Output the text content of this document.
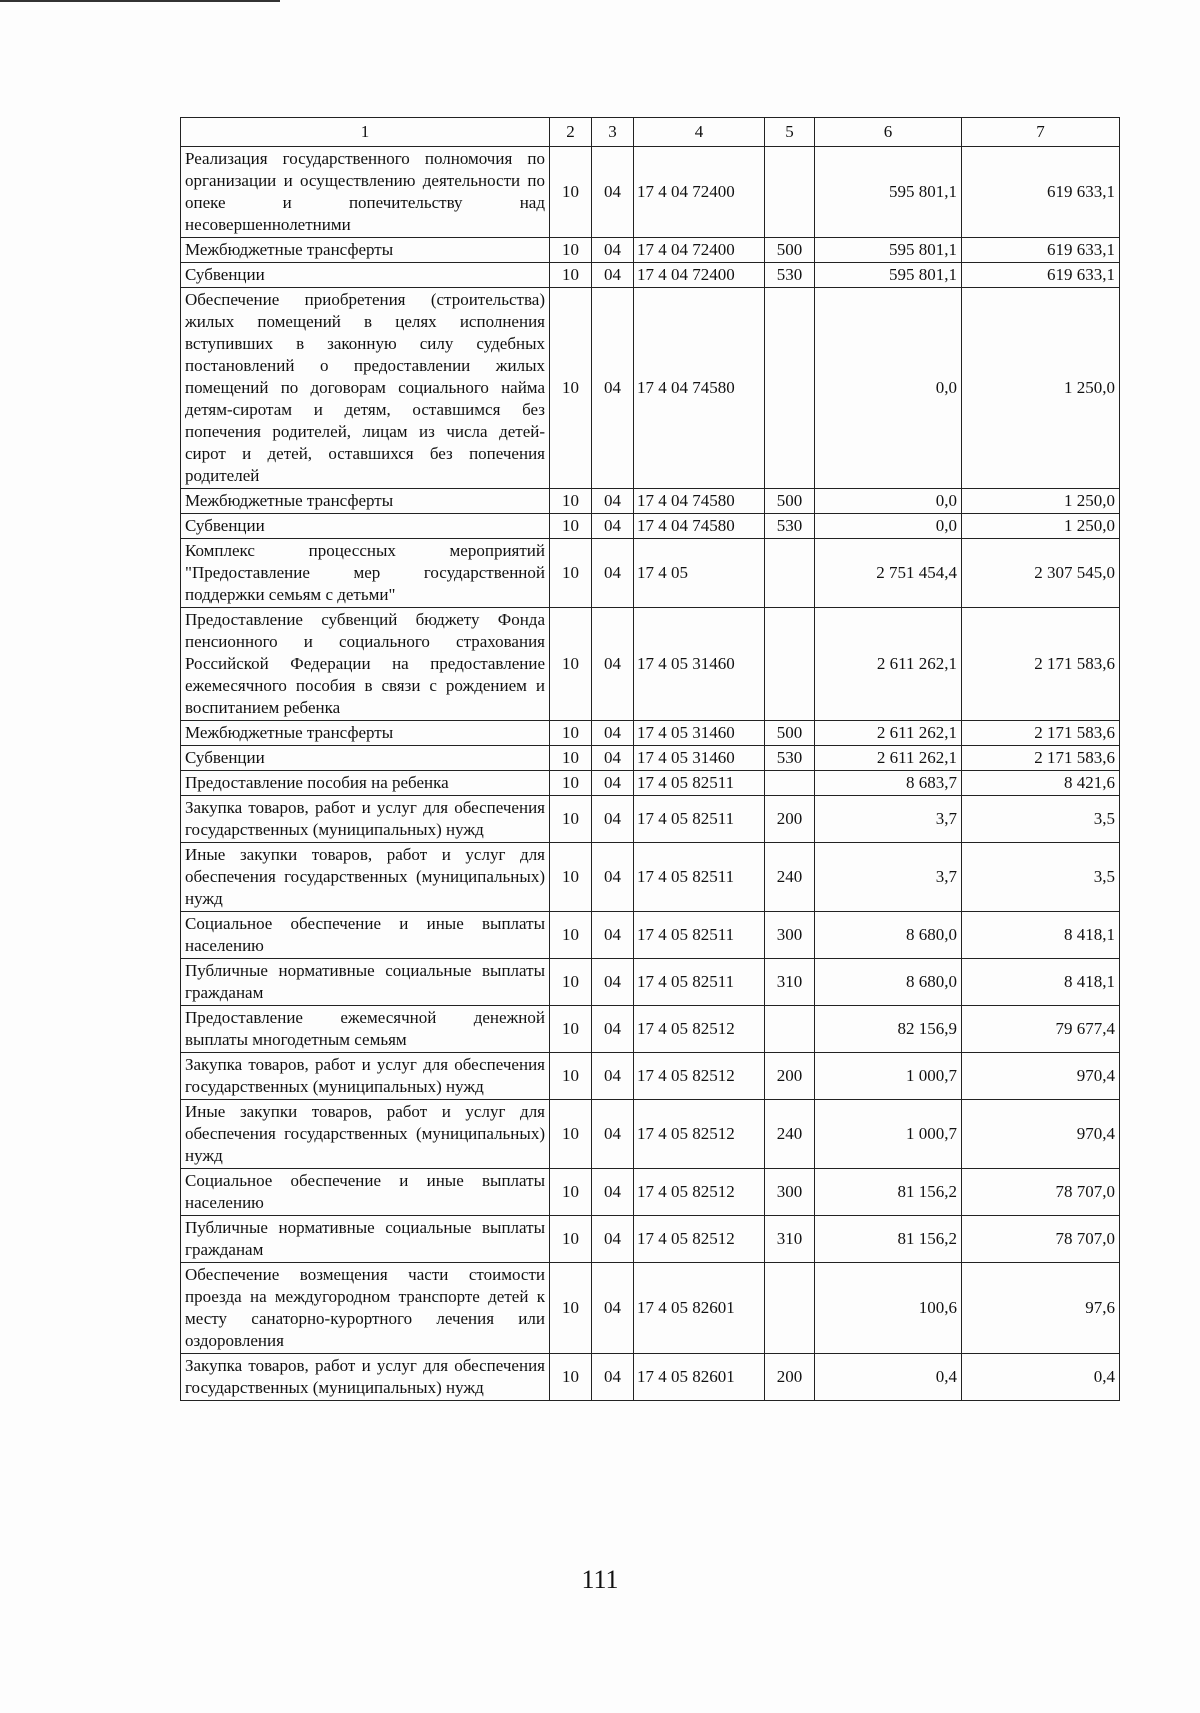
1	2	3	4	5	6	7
Реализация государственного полномочия по организации и осуществлению деятельности по опеке и попечительству над несовершеннолетними	10	04	17 4 04 72400		595 801,1	619 633,1
Межбюджетные трансферты	10	04	17 4 04 72400	500	595 801,1	619 633,1
Субвенции	10	04	17 4 04 72400	530	595 801,1	619 633,1
Обеспечение приобретения (строительства) жилых помещений в целях исполнения вступивших в законную силу судебных постановлений о предоставлении жилых помещений по договорам социального найма детям-сиротам и детям, оставшимся без попечения родителей, лицам из числа детей-сирот и детей, оставшихся без попечения родителей	10	04	17 4 04 74580		0,0	1 250,0
Межбюджетные трансферты	10	04	17 4 04 74580	500	0,0	1 250,0
Субвенции	10	04	17 4 04 74580	530	0,0	1 250,0
Комплекс процессных мероприятий "Предоставление мер государственной поддержки семьям с детьми"	10	04	17 4 05		2 751 454,4	2 307 545,0
Предоставление субвенций бюджету Фонда пенсионного и социального страхования Российской Федерации на предоставление ежемесячного пособия в связи с рождением и воспитанием ребенка	10	04	17 4 05 31460		2 611 262,1	2 171 583,6
Межбюджетные трансферты	10	04	17 4 05 31460	500	2 611 262,1	2 171 583,6
Субвенции	10	04	17 4 05 31460	530	2 611 262,1	2 171 583,6
Предоставление пособия на ребенка	10	04	17 4 05 82511		8 683,7	8 421,6
Закупка товаров, работ и услуг для обеспечения государственных (муниципальных) нужд	10	04	17 4 05 82511	200	3,7	3,5
Иные закупки товаров, работ и услуг для обеспечения государственных (муниципальных) нужд	10	04	17 4 05 82511	240	3,7	3,5
Социальное обеспечение и иные выплаты населению	10	04	17 4 05 82511	300	8 680,0	8 418,1
Публичные нормативные социальные выплаты гражданам	10	04	17 4 05 82511	310	8 680,0	8 418,1
Предоставление ежемесячной денежной выплаты многодетным семьям	10	04	17 4 05 82512		82 156,9	79 677,4
Закупка товаров, работ и услуг для обеспечения государственных (муниципальных) нужд	10	04	17 4 05 82512	200	1 000,7	970,4
Иные закупки товаров, работ и услуг для обеспечения государственных (муниципальных) нужд	10	04	17 4 05 82512	240	1 000,7	970,4
Социальное обеспечение и иные выплаты населению	10	04	17 4 05 82512	300	81 156,2	78 707,0
Публичные нормативные социальные выплаты гражданам	10	04	17 4 05 82512	310	81 156,2	78 707,0
Обеспечение возмещения части стоимости проезда на междугородном транспорте детей к месту санаторно-курортного лечения или оздоровления	10	04	17 4 05 82601		100,6	97,6
Закупка товаров, работ и услуг для обеспечения государственных (муниципальных) нужд	10	04	17 4 05 82601	200	0,4	0,4
111
